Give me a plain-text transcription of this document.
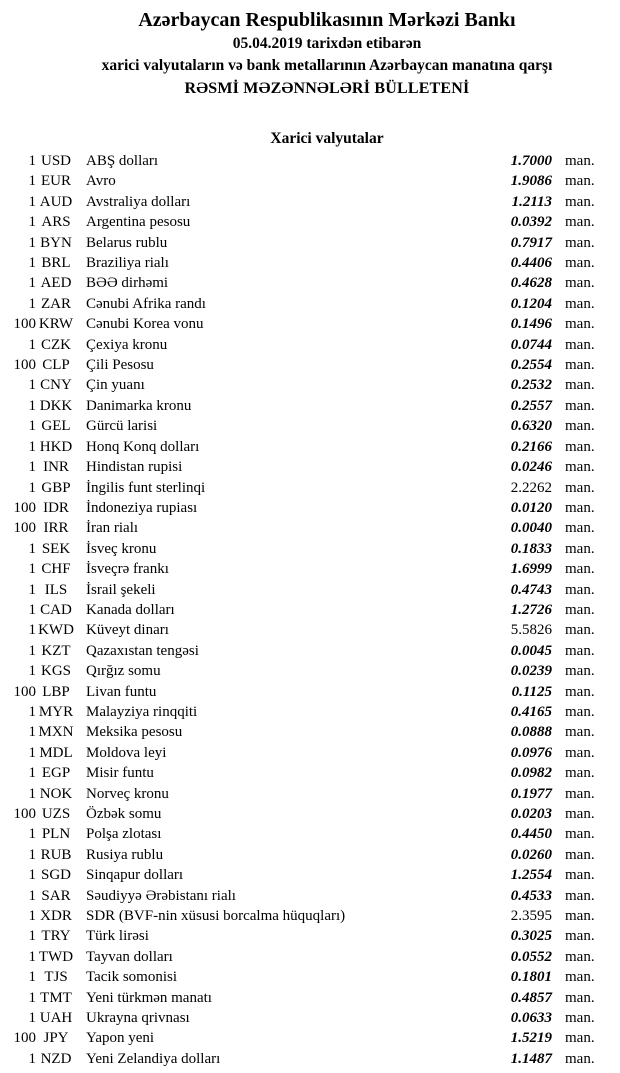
Azərbaycan Respublikasının Mərkəzi Bankı
05.04.2019 tarixdən etibarən
xarici valyutaların və bank metallarının Azərbaycan manatına qarşı
RƏSMİ MƏZƏNNƏLƏRİ BÜLLETENİ
Xarici valyutalar
1 USD	ABŞ dolları	1.7000 man.
1 EUR	Avro	1.9086 man.
1 AUD Avstraliya dolları	1.2113 man.
1 ARS	Argentina pesosu	0.0392 man.
1 BYN Belarus rublu	0.7917 man.
1 BRL	Braziliya rialı	0.4406 man.
1 AED BƏƏ dirhəmi	0.4628 man.
1 ZAR	Cənubi Afrika randı	0.1204 man.
100 KRW Cənubi Korea vonu	0.1496 man.
1 CZK	Çexiya kronu	0.0744 man.
100 CLP	Çili Pesosu	0.2554 man.
1 CNY Çin yuanı	0.2532 man.
1 DKK Danimarka kronu	0.2557 man.
1 GEL	Gürcü larisi	0.6320 man.
1 HKD Honq Konq dolları	0.2166 man.
1 INR	Hindistan rupisi	0.0246 man.
1 GBP	İngilis funt sterlinqi	2.2262 man.
100 IDR	İndoneziya rupiası	0.0120 man.
100 IRR	İran rialı	0.0040 man.
1 SEK	İsveç kronu	0.1833 man.
1 CHF	İsveçrə frankı	1.6999 man.
1 ILS	İsrail şekeli	0.4743 man.
1 CAD Kanada dolları	1.2726 man.
1 KWD Küveyt dinarı	5.5826 man.
1 KZT	Qazaxıstan tengəsi	0.0045 man.
1 KGS	Qırğız somu	0.0239 man.
100 LBP	Livan funtu	0.1125 man.
1 MYR Malayziya rinqqiti	0.4165 man.
1 MXN Meksika pesosu	0.0888 man.
1 MDL Moldova leyi	0.0976 man.
1 EGP	Misir funtu	0.0982 man.
1 NOK Norveç kronu	0.1977 man.
100 UZS	Özbək somu	0.0203 man.
1 PLN	Polşa zlotası	0.4450 man.
1 RUB Rusiya rublu	0.0260 man.
1 SGD	Sinqapur dolları	1.2554 man.
1 SAR	Səudiyyə Ərəbistanı rialı	0.4533 man.
1 XDR SDR (BVF-nin xüsusi borcalma hüquqları)	2.3595 man.
1 TRY	Türk lirəsi	0.3025 man.
1 TWD Tayvan dolları	0.0552 man.
1 TJS	Tacik somonisi	0.1801 man.
1 TMT Yeni türkmən manatı	0.4857 man.
1 UAH Ukrayna qrivnası	0.0633 man.
100 JPY	Yapon yeni	1.5219 man.
1 NZD Yeni Zelandiya dolları	1.1487 man.
